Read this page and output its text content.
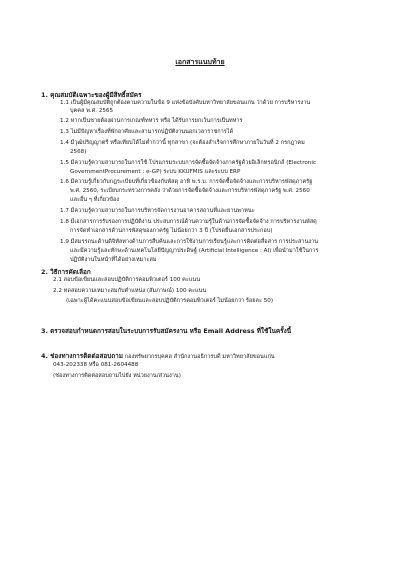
เอกสารแนบท้าย
1. คุณสมบัติเฉพาะของผู้มีสิทธิ์สมัคร
1.1 เป็นผู้มีคุณสมบัติถูกต้องตามความในข้อ 9 แห่งข้อบังคับมหาวิทยาลัยขอนแก่น ว่าด้วย การบริหารงาน
บุคคล พ.ศ. 2565
1.2 หากเป็นชายต้องผ่านการเกณฑ์ทหาร หรือ ได้รับการยกเว้นการเป็นทหาร
1.3 ไม่มีปัญหาเรื่องที่พักอาศัยและสามารถปฏิบัติงานนอกเวลาราชการได้
1.4 มีวุฒิปริญญาตรี หรือเทียบได้ไม่ต่ำกว่านี้ ทุกสาขา (จะต้องสำเร็จการศึกษาภายในวันที่ 2 กรกฎาคม
2568)
1.5 มีความรู้ความสามารถในการใช้ โปรแกรมระบบการจัดซื้อจัดจ้างภาครัฐด้วยอิเล็กทรอนิกส์ (Electronic
GovernmentProcurement : e-GP) ระบบ KKUFMIS และระบบ ERP
1.6 มีความรู้เกี่ยวกับกฎระเบียบที่เกี่ยวข้องกับพัสดุ อาทิ พ.ร.บ. การจัดซื้อจัดจ้างและการบริหารพัสดุภาครัฐ
พ.ศ. 2560, ระเบียบกระทรวงการคลัง ว่าด้วยการจัดซื้อจัดจ้างและการบริหารพัสดุภาครัฐ พ.ศ. 2560
และอื่น ๆ ที่เกี่ยวข้อง
1.7 มีความรู้ความสามารถในการบริหารจัดการงานอาคารสถานที่และยานพาหนะ
1.8 มีเอกสารการรับรองการปฏิบัติงาน ประสบการณ์ด้านความรู้ในด้านการจัดซื้อจัดจ้าง การบริหารงานพัสดุ
การจัดทำเอกสารด้านการพัสดุของภาครัฐ ไม่น้อยกว่า 3 ปี (โปรดยื่นเอกสารประกอบ)
1.9 มีสมรรถนะด้านดิจิทัลทางด้านการสืบค้นและการใช้งานการเรียนรู้และการคิดต่อสื่อสาร การประสานงาน
และมีความรู้และทักษะด้านเทคโนโลยีปัญญาประดิษฐ์ (Artificial Intelligence : AI) เพื่อนำมาใช้ในการ
ปฏิบัติงานในหน้าที่ได้อย่างเหมาะสม
2. วิธีการคัดเลือก
2.1 สอบข้อเขียนและสอบปฏิบัติการคอมพิวเตอร์ 100 คะแนน
2.2 ทดสอบความเหมาะสมกับตำแหน่ง (สัมภาษณ์) 100 คะแนน
(เฉพาะผู้ได้คะแนนสอบข้อเขียนและสอบปฏิบัติการคอมพิวเตอร์ ไม่น้อยกว่า ร้อยละ 50)
3. ตรวจสอบกำหนดการสอบในระบบการรับสมัครงาน หรือ Email Address ที่ใช้ในครั้งนี้
4. ช่องทางการติดต่อสอบถาม กองทรัพยากรบุคคล สำนักงานอธิการบดี มหาวิทยาลัยขอนแก่น
043-202338 หรือ 081-2604488
(ช่องทางการติดต่อสอบถามไปยัง หน่วยงาน/ส่วนงาน)
